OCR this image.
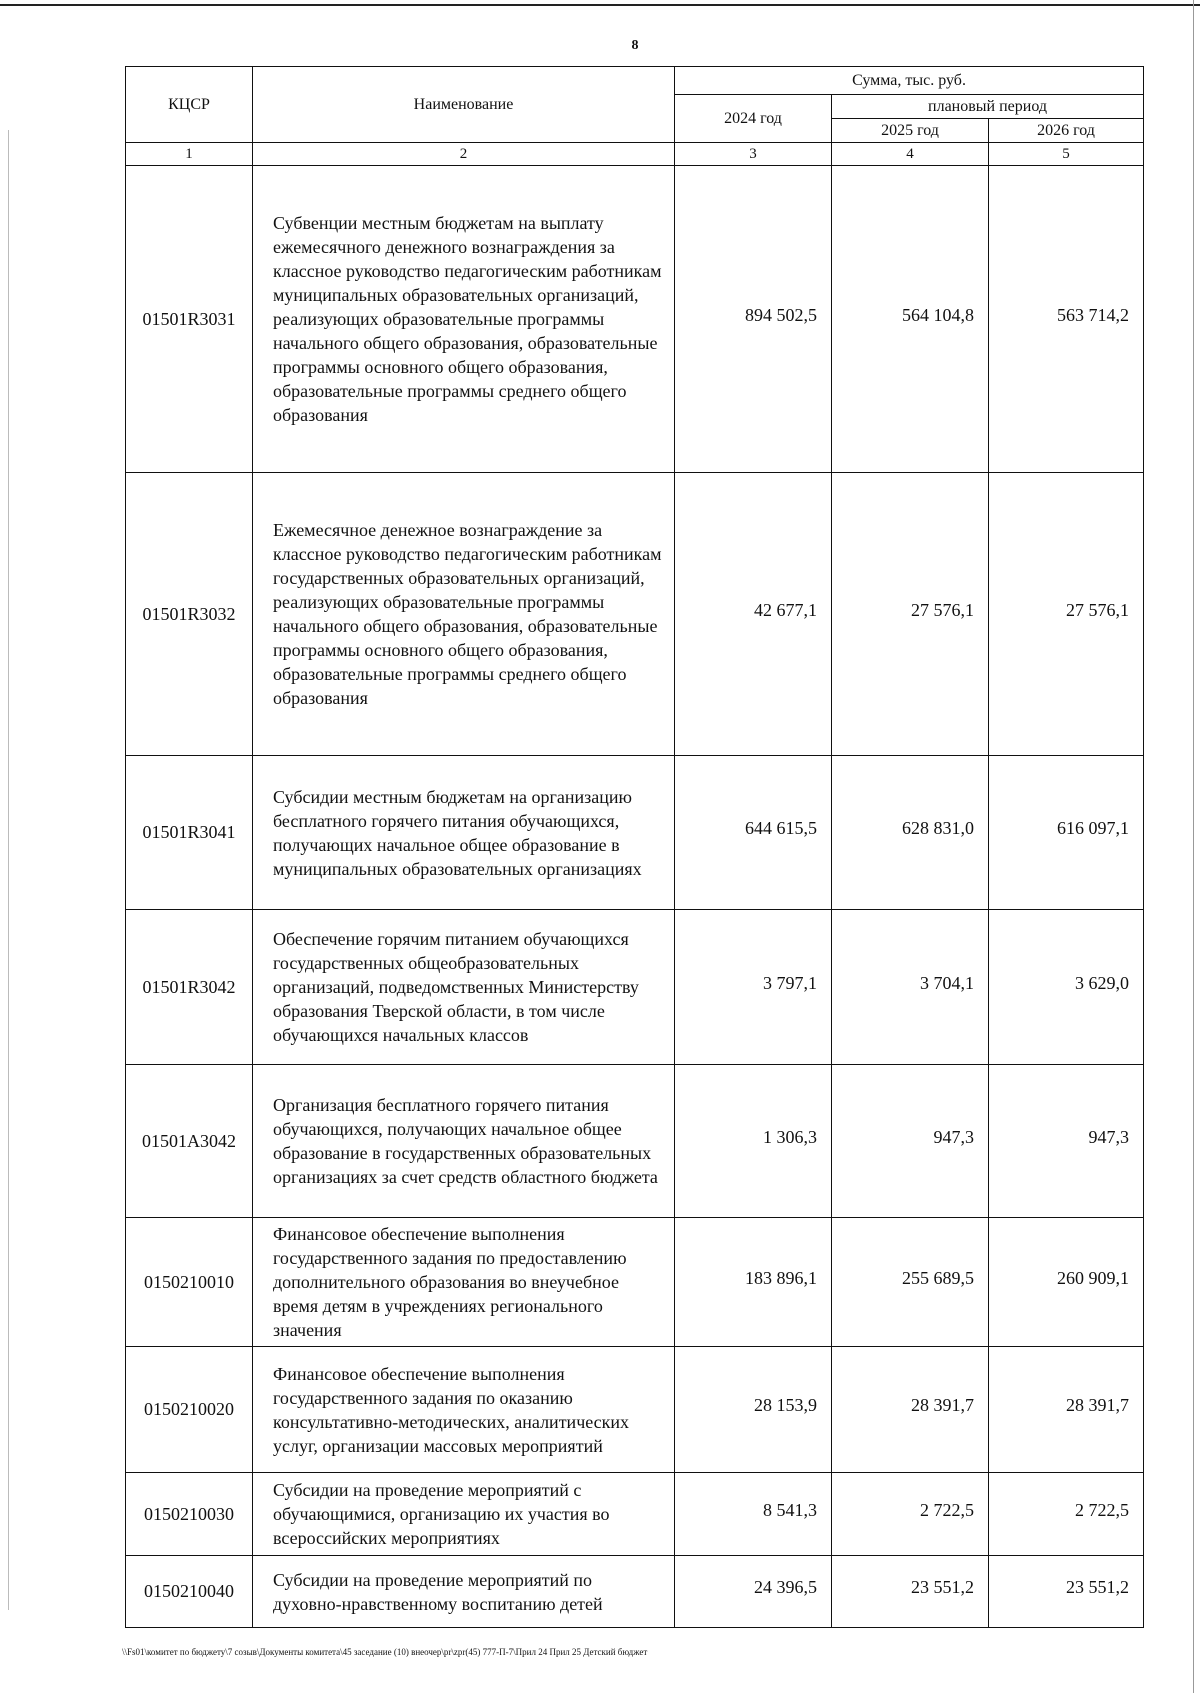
8
КЦСР	Наименование	Сумма, тыс. руб.		
		2024 год	плановый период	
			2025 год	2026 год
1	2	3	4	5
01501R3031	Субвенции местным бюджетам на выплату ежемесячного денежного вознаграждения за классное руководство педагогическим работникам муниципальных образовательных организаций, реализующих образовательные программы начального общего образования, образовательные программы основного общего образования, образовательные программы среднего общего образования	894 502,5	564 104,8	563 714,2
01501R3032	Ежемесячное денежное вознаграждение за классное руководство педагогическим работникам государственных образовательных организаций, реализующих образовательные программы начального общего образования, образовательные программы основного общего образования, образовательные программы среднего общего образования	42 677,1	27 576,1	27 576,1
01501R3041	Субсидии местным бюджетам на организацию бесплатного горячего питания обучающихся, получающих начальное общее образование в муниципальных образовательных организациях	644 615,5	628 831,0	616 097,1
01501R3042	Обеспечение горячим питанием обучающихся государственных общеобразовательных организаций, подведомственных Министерству образования Тверской области, в том числе обучающихся начальных классов	3 797,1	3 704,1	3 629,0
01501А3042	Организация бесплатного горячего питания обучающихся, получающих начальное общее образование в государственных образовательных организациях за счет средств областного бюджета	1 306,3	947,3	947,3
0150210010	Финансовое обеспечение выполнения государственного задания по предоставлению дополнительного образования во внеучебное время детям в учреждениях регионального значения	183 896,1	255 689,5	260 909,1
0150210020	Финансовое обеспечение выполнения государственного задания по оказанию консультативно-методических, аналитических услуг, организации массовых мероприятий	28 153,9	28 391,7	28 391,7
0150210030	Субсидии на проведение мероприятий с обучающимися, организацию их участия во всероссийских мероприятиях	8 541,3	2 722,5	2 722,5
0150210040	Субсидии на проведение мероприятий по духовно-нравственному воспитанию детей	24 396,5	23 551,2	23 551,2
\\Fs01\комитет по бюджету\7 созыв\Документы комитета\45 заседание (10) внеочер\pr\zpr(45) 777-П-7\Прил 24 Прил 25 Детский бюджет
